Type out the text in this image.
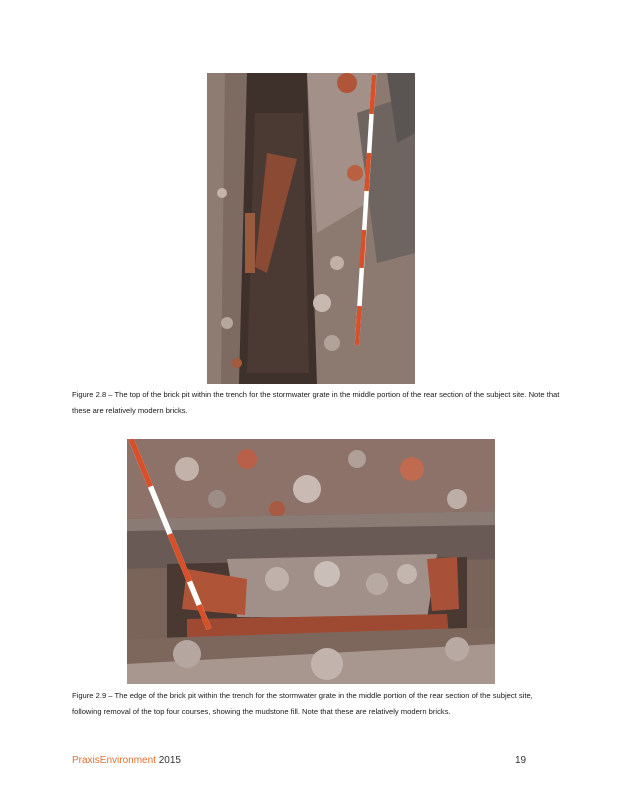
Figure 2.8 – The top of the brick pit within the trench for the stormwater grate in the middle portion of the rear section of the subject site. Note that these are relatively modern bricks.
Figure 2.9 – The edge of the brick pit within the trench for the stormwater grate in the middle portion of the rear section of the subject site, following removal of the top four courses, showing the mudstone fill. Note that these are relatively modern bricks.
PraxisEnvironment 2015	19
